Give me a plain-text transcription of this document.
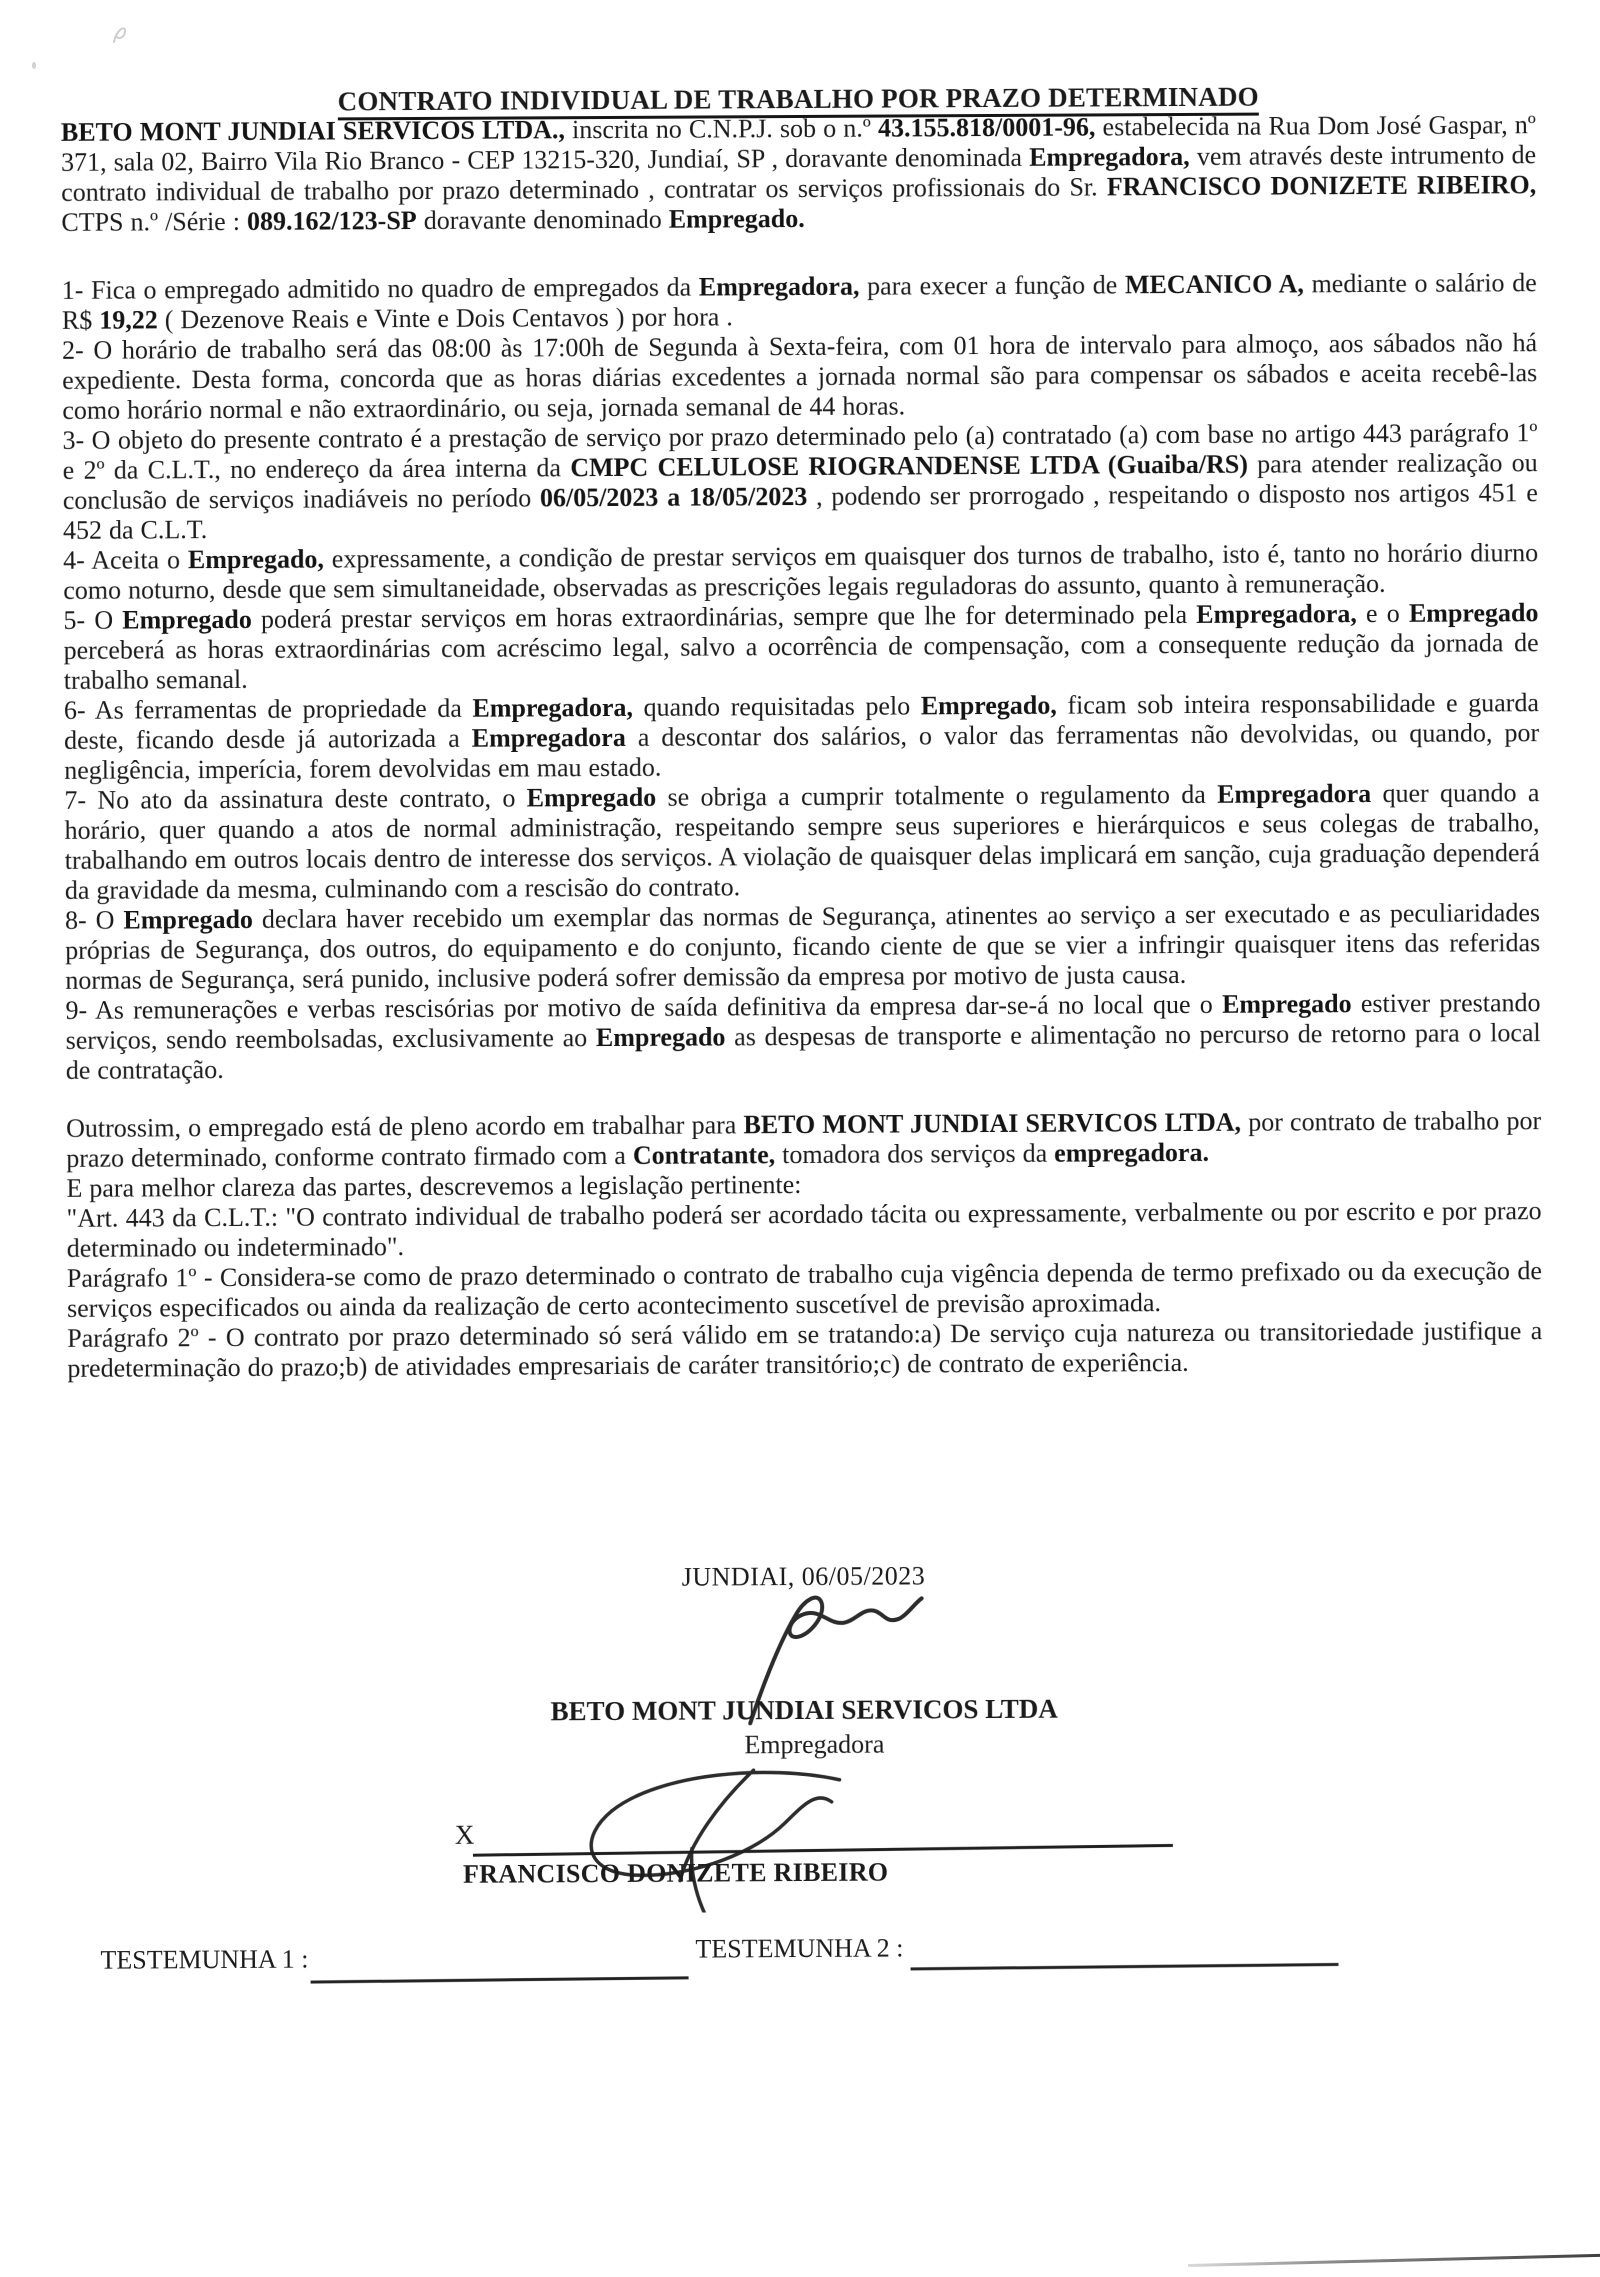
CONTRATO INDIVIDUAL DE TRABALHO POR PRAZO DETERMINADO

BETO MONT JUNDIAI SERVICOS LTDA., inscrita no C.N.P.J. sob o n.º 43.155.818/0001-96, estabelecida na Rua Dom José Gaspar, nº 371, sala 02, Bairro Vila Rio Branco - CEP 13215-320, Jundiaí, SP , doravante denominada Empregadora, vem através deste intrumento de contrato individual de trabalho por prazo determinado , contratar os serviços profissionais do Sr. FRANCISCO DONIZETE RIBEIRO, CTPS n.º /Série : 089.162/123-SP doravante denominado Empregado.

1- Fica o empregado admitido no quadro de empregados da Empregadora, para execer a função de MECANICO A, mediante o salário de R$ 19,22 ( Dezenove Reais e Vinte e Dois Centavos ) por hora .

2- O horário de trabalho será das 08:00 às 17:00h de Segunda à Sexta-feira, com 01 hora de intervalo para almoço, aos sábados não há expediente. Desta forma, concorda que as horas diárias excedentes a jornada normal são para compensar os sábados e aceita recebê-las como horário normal e não extraordinário, ou seja, jornada semanal de 44 horas.

3- O objeto do presente contrato é a prestação de serviço por prazo determinado pelo (a) contratado (a) com base no artigo 443 parágrafo 1º e 2º da C.L.T., no endereço da área interna da CMPC CELULOSE RIOGRANDENSE LTDA (Guaiba/RS) para atender realização ou conclusão de serviços inadiáveis no período 06/05/2023 a 18/05/2023 , podendo ser prorrogado , respeitando o disposto nos artigos 451 e 452 da C.L.T.

4- Aceita o Empregado, expressamente, a condição de prestar serviços em quaisquer dos turnos de trabalho, isto é, tanto no horário diurno como noturno, desde que sem simultaneidade, observadas as prescrições legais reguladoras do assunto, quanto à remuneração.

5- O Empregado poderá prestar serviços em horas extraordinárias, sempre que lhe for determinado pela Empregadora, e o Empregado perceberá as horas extraordinárias com acréscimo legal, salvo a ocorrência de compensação, com a consequente redução da jornada de trabalho semanal.

6- As ferramentas de propriedade da Empregadora, quando requisitadas pelo Empregado, ficam sob inteira responsabilidade e guarda deste, ficando desde já autorizada a Empregadora a descontar dos salários, o valor das ferramentas não devolvidas, ou quando, por negligência, imperícia, forem devolvidas em mau estado.

7- No ato da assinatura deste contrato, o Empregado se obriga a cumprir totalmente o regulamento da Empregadora quer quando a horário, quer quando a atos de normal administração, respeitando sempre seus superiores e hierárquicos e seus colegas de trabalho, trabalhando em outros locais dentro de interesse dos serviços. A violação de quaisquer delas implicará em sanção, cuja graduação dependerá da gravidade da mesma, culminando com a rescisão do contrato.

8- O Empregado declara haver recebido um exemplar das normas de Segurança, atinentes ao serviço a ser executado e as peculiaridades próprias de Segurança, dos outros, do equipamento e do conjunto, ficando ciente de que se vier a infringir quaisquer itens das referidas normas de Segurança, será punido, inclusive poderá sofrer demissão da empresa por motivo de justa causa.

9- As remunerações e verbas rescisórias por motivo de saída definitiva da empresa dar-se-á no local que o Empregado estiver prestando serviços, sendo reembolsadas, exclusivamente ao Empregado as despesas de transporte e alimentação no percurso de retorno para o local de contratação.

Outrossim, o empregado está de pleno acordo em trabalhar para BETO MONT JUNDIAI SERVICOS LTDA, por contrato de trabalho por prazo determinado, conforme contrato firmado com a Contratante, tomadora dos serviços da empregadora.

E para melhor clareza das partes, descrevemos a legislação pertinente:

"Art. 443 da C.L.T.: "O contrato individual de trabalho poderá ser acordado tácita ou expressamente, verbalmente ou por escrito e por prazo determinado ou indeterminado".

Parágrafo 1º - Considera-se como de prazo determinado o contrato de trabalho cuja vigência dependa de termo prefixado ou da execução de serviços especificados ou ainda da realização de certo acontecimento suscetível de previsão aproximada.

Parágrafo 2º - O contrato por prazo determinado só será válido em se tratando:a) De serviço cuja natureza ou transitoriedade justifique a predeterminação do prazo;b) de atividades empresariais de caráter transitório;c) de contrato de experiência.

JUNDIAI, 06/05/2023
BETO MONT JUNDIAI SERVICOS LTDA
Empregadora
X
FRANCISCO DONIZETE RIBEIRO
TESTEMUNHA 1 :	TESTEMUNHA 2 :
